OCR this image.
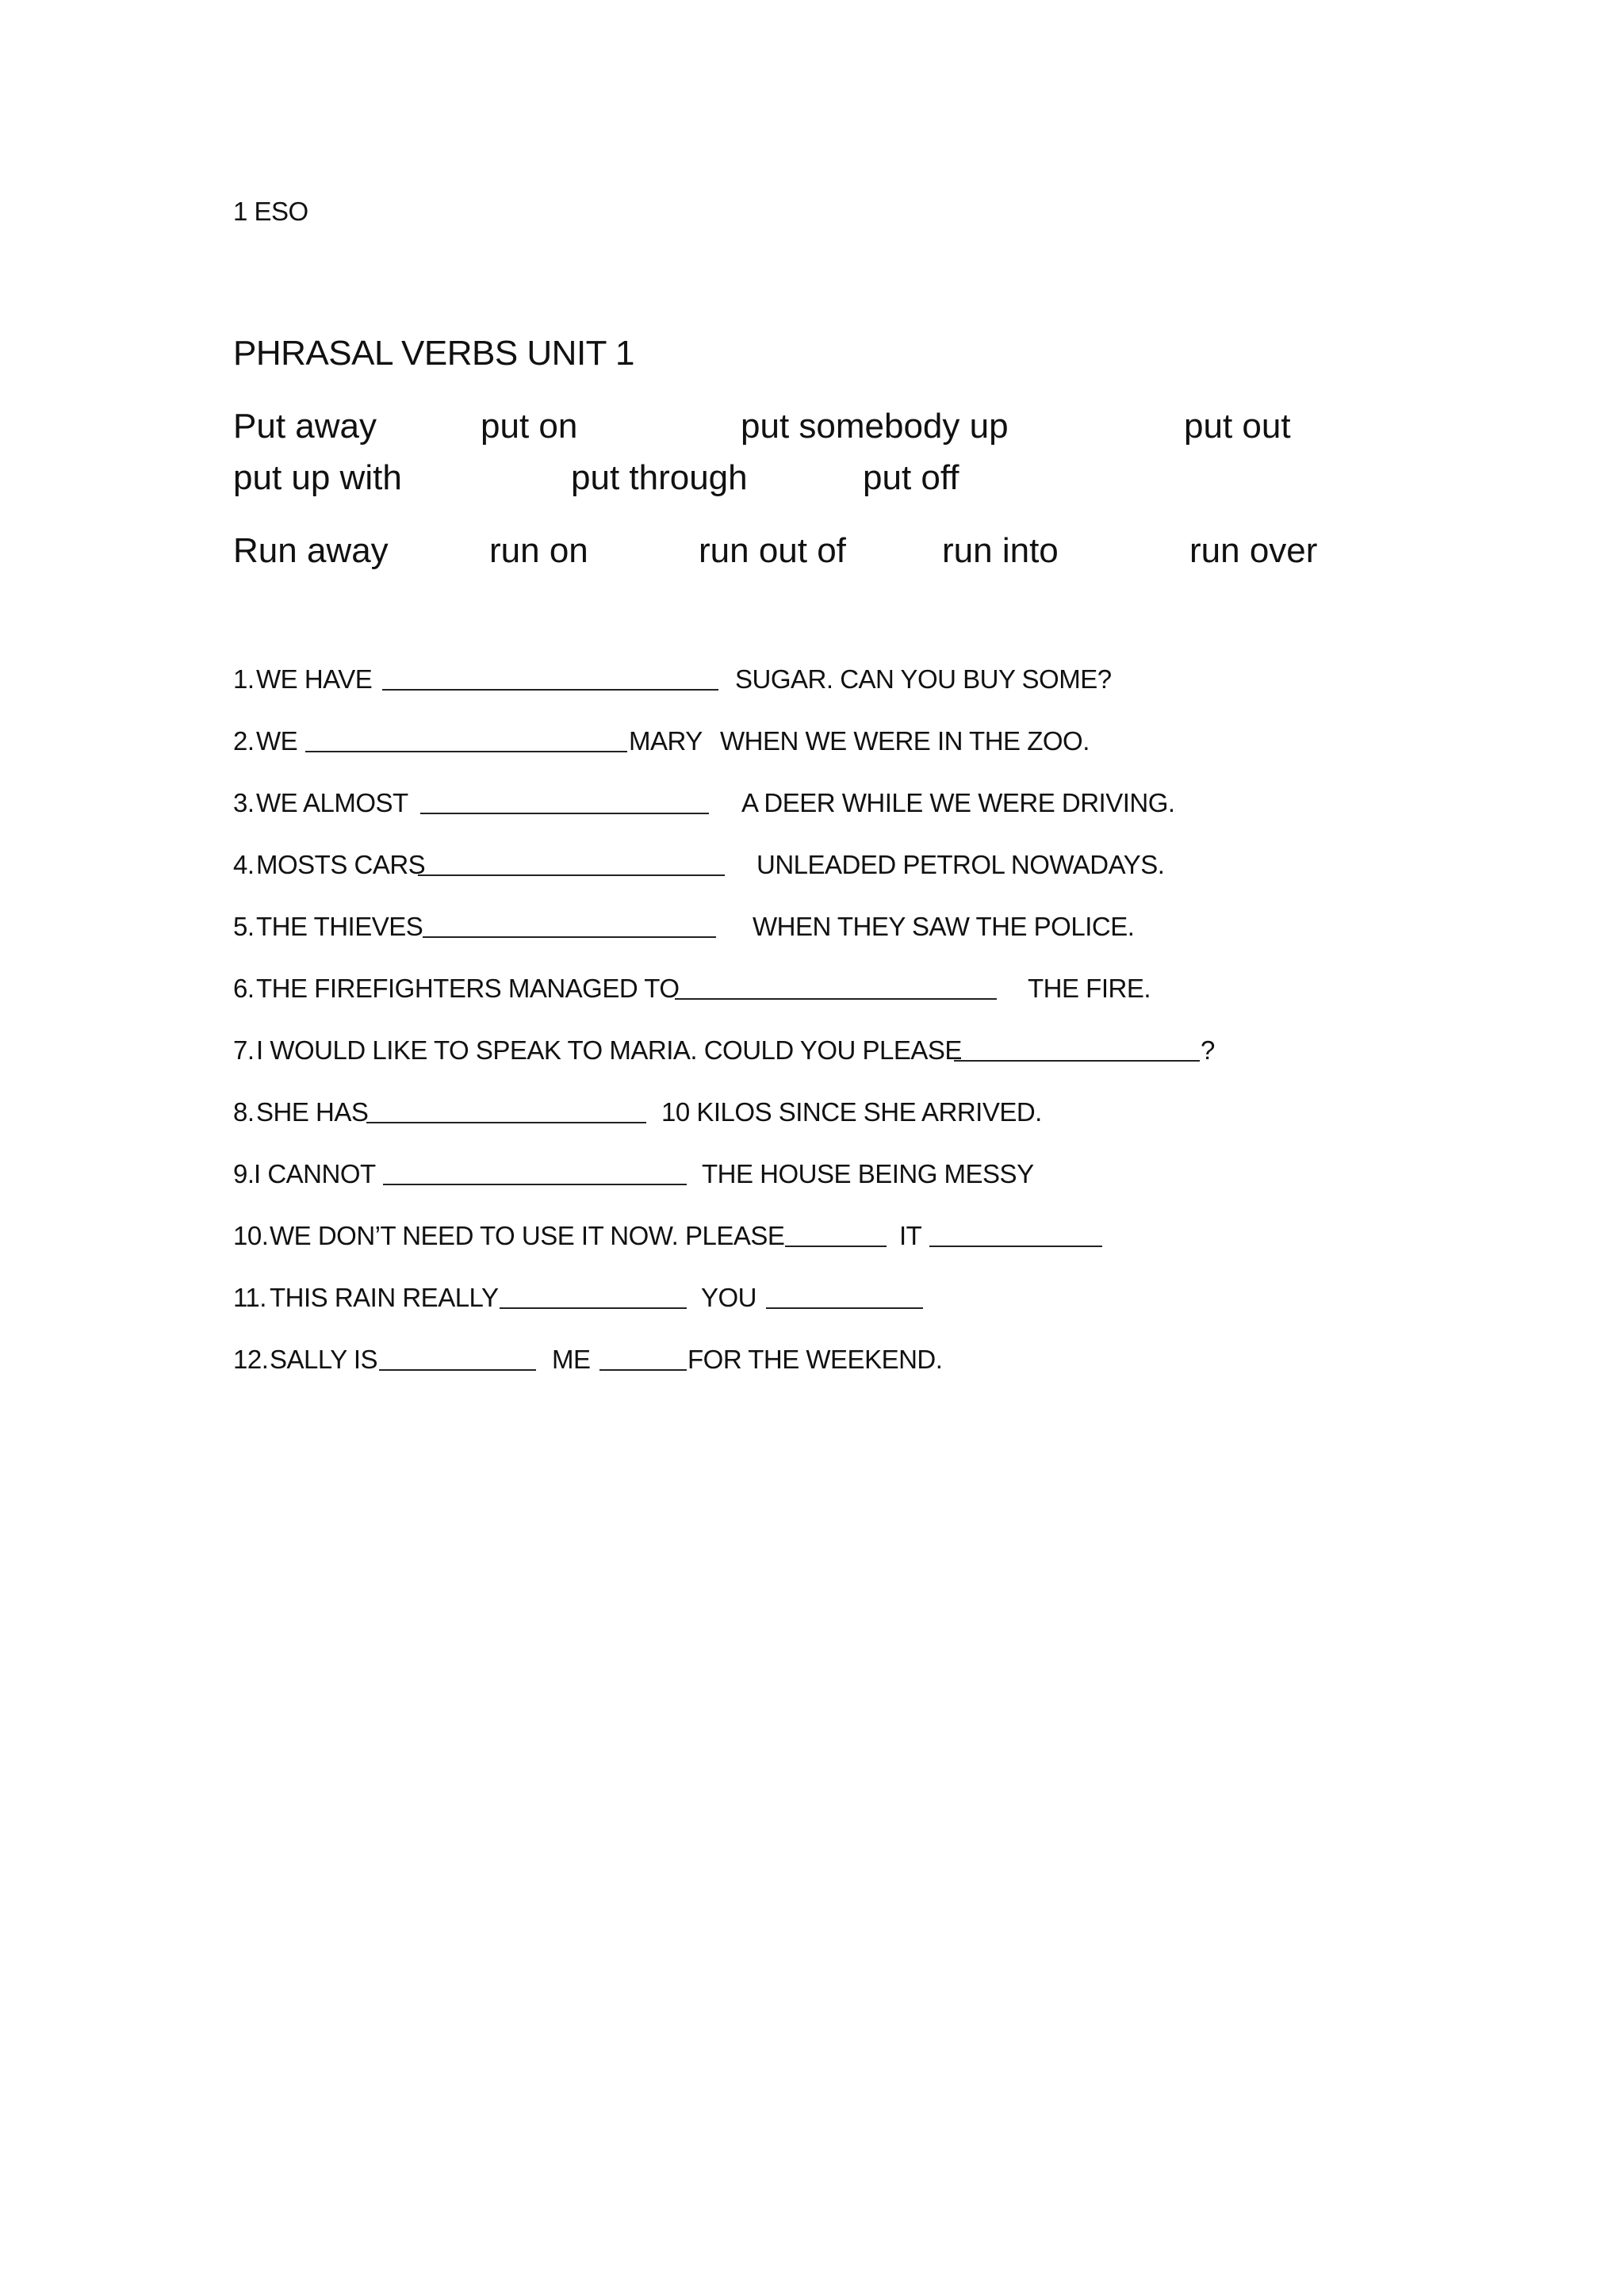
1 ESO
PHRASAL VERBS UNIT 1
Put away	put on	put somebody up	put out
put up with	put through	put off
Run away	run on	run out of	run into	run over
1. WE HAVE	SUGAR. CAN YOU BUY SOME?
2. WE	MARY WHEN WE WERE IN THE ZOO.
3. WE ALMOST	A DEER WHILE WE WERE DRIVING.
4. MOSTS CARS	UNLEADED PETROL NOWADAYS.
5. THE THIEVES	WHEN THEY SAW THE POLICE.
6. THE FIREFIGHTERS MANAGED TO	THE FIRE.
7. I WOULD LIKE TO SPEAK TO MARIA. COULD YOU PLEASE	?
8. SHE HAS	10 KILOS SINCE SHE ARRIVED.
9. I CANNOT	THE HOUSE BEING MESSY
10. WE DON’T NEED TO USE IT NOW. PLEASE	IT
11. THIS RAIN REALLY	YOU
12. SALLY IS	ME	FOR THE WEEKEND.
